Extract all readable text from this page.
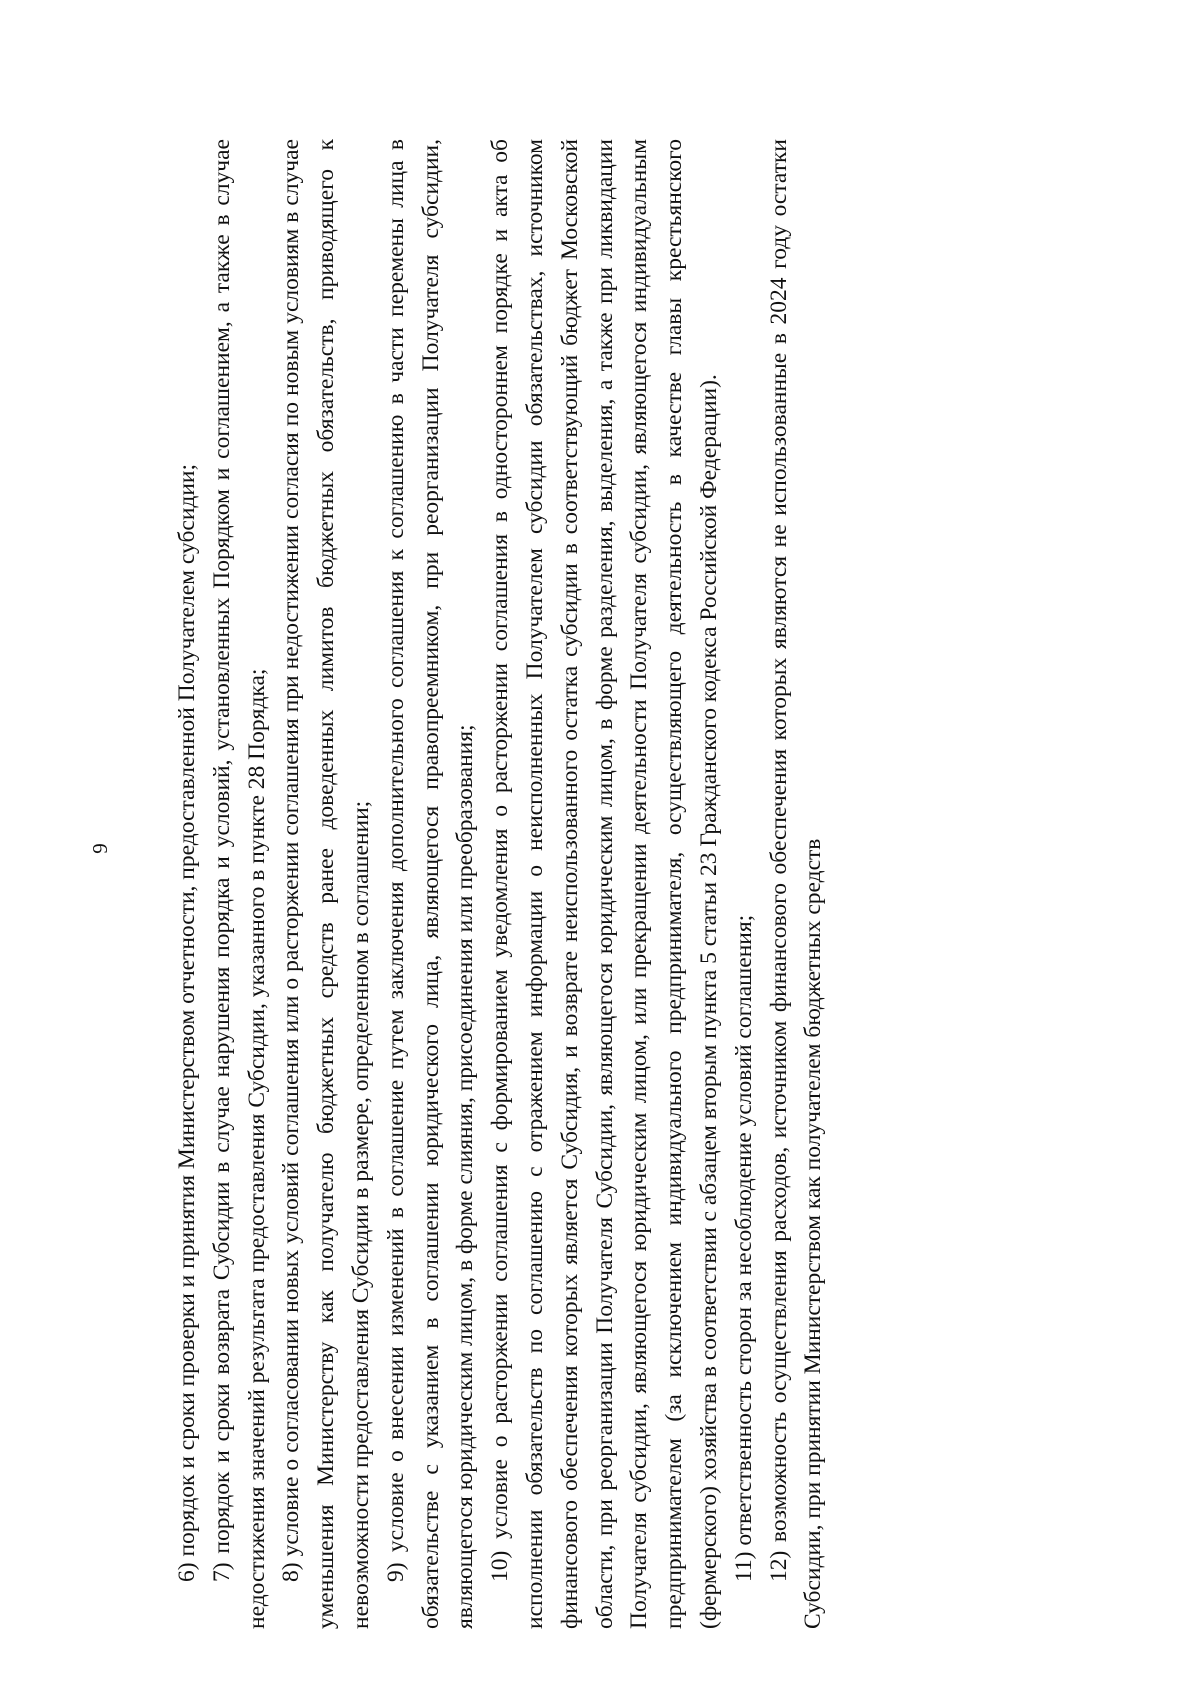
9	6) порядок и сроки проверки и принятия Министерством отчетности, предоставленной Получателем субсидии; 7) порядок и сроки возврата Субсидии в случае нарушения порядка и условий, установленных Порядком и соглашением, а также в случае недостижения значений результата предоставления Субсидии, указанного в пункте 28 Порядка; 8) условие о согласовании новых условий соглашения или о расторжении соглашения при недостижении согласия по новым условиям в случае уменьшения Министерству как получателю бюджетных средств ранее доведенных лимитов бюджетных обязательств, приводящего к невозможности предоставления Субсидии в размере, определенном в соглашении; 9) условие о внесении изменений в соглашение путем заключения дополнительного соглашения к соглашению в части перемены лица в обязательстве с указанием в соглашении юридического лица, являющегося правопреемником, при реорганизации Получателя субсидии, являющегося юридическим лицом, в форме слияния, присоединения или преобразования; 10) условие о расторжении соглашения с формированием уведомления о расторжении соглашения в одностороннем порядке и акта об исполнении обязательств по соглашению с отражением информации о неисполненных Получателем субсидии обязательствах, источником финансового обеспечения которых является Субсидия, и возврате неиспользованного остатка субсидии в соответствующий бюджет Московской области, при реорганизации Получателя Субсидии, являющегося юридическим лицом, в форме разделения, выделения, а также при ликвидации Получателя субсидии, являющегося юридическим лицом, или прекращении деятельности Получателя субсидии, являющегося индивидуальным предпринимателем (за исключением индивидуального предпринимателя, осуществляющего деятельность в качестве главы крестьянского (фермерского) хозяйства в соответствии с абзацем вторым пункта 5 статьи 23 Гражданского кодекса Российской Федерации). 11) ответственность сторон за несоблюдение условий соглашения; 12) возможность осуществления расходов, источником финансового обеспечения которых являются не использованные в 2024 году остатки Субсидии, при принятии Министерством как получателем бюджетных средств
